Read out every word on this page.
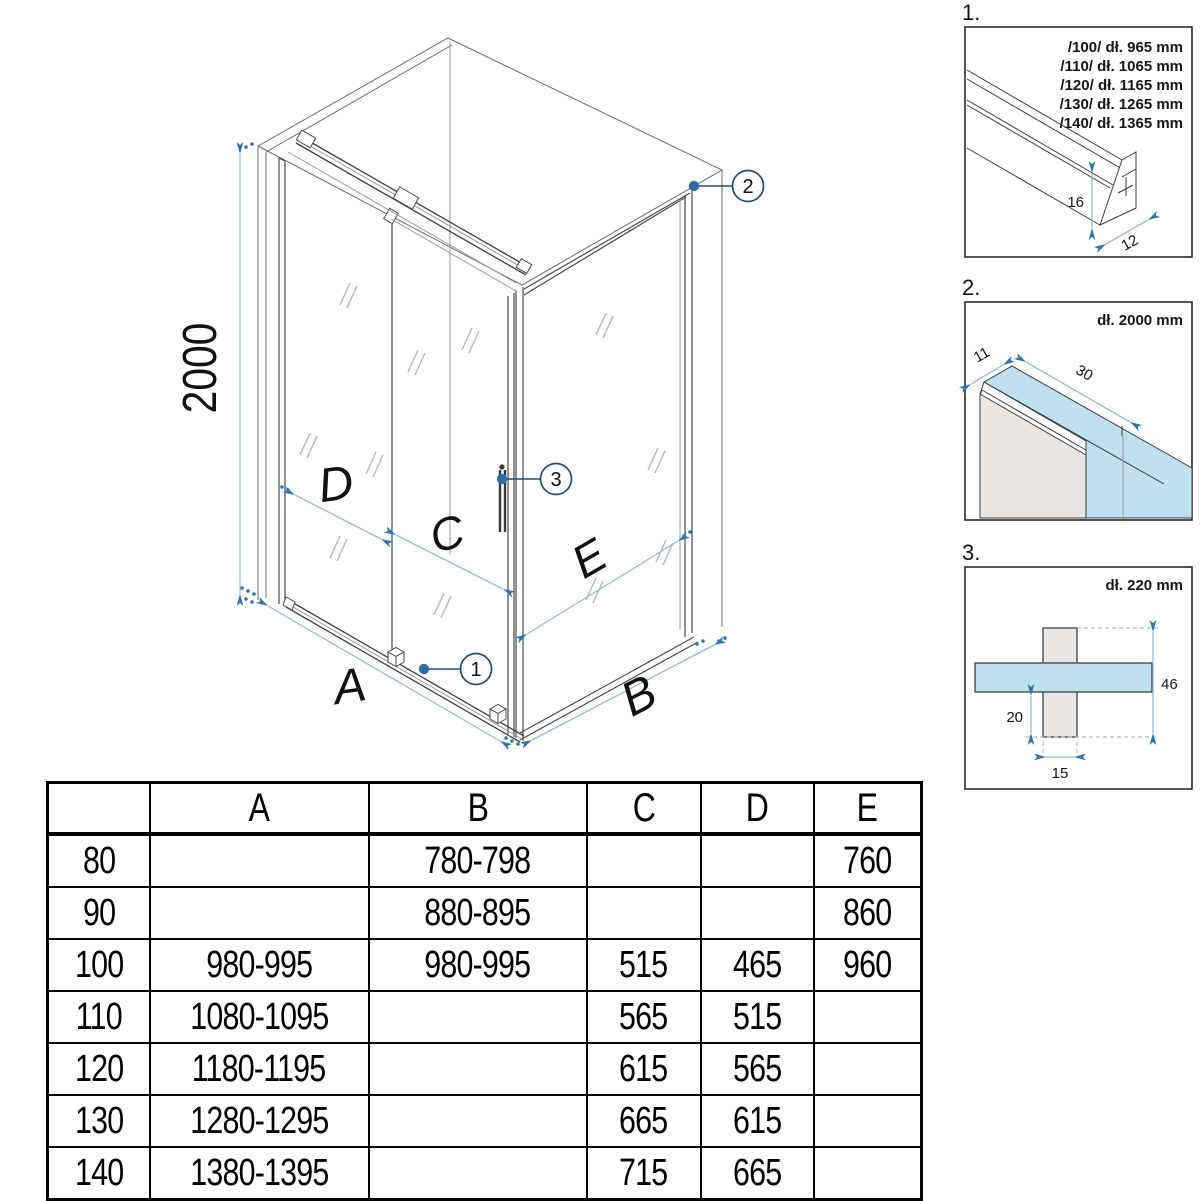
2000
A	B
C
D
E
1
2
3
1.
/100/ dł. 965 mm
/110/ dł. 1065 mm
/120/ dł. 1165 mm
/130/ dł. 1265 mm
/140/ dł. 1365 mm
16
12
2.
dł. 2000 mm
11
30
3.
dł. 220 mm
46
20
15
	A	B	C	D	E
80		780-798			760
90		880-895			860
100	980-995	980-995	515	465	960
110	1080-1095		565	515	
120	1180-1195		615	565	
130	1280-1295		665	615	
140	1380-1395		715	665	
